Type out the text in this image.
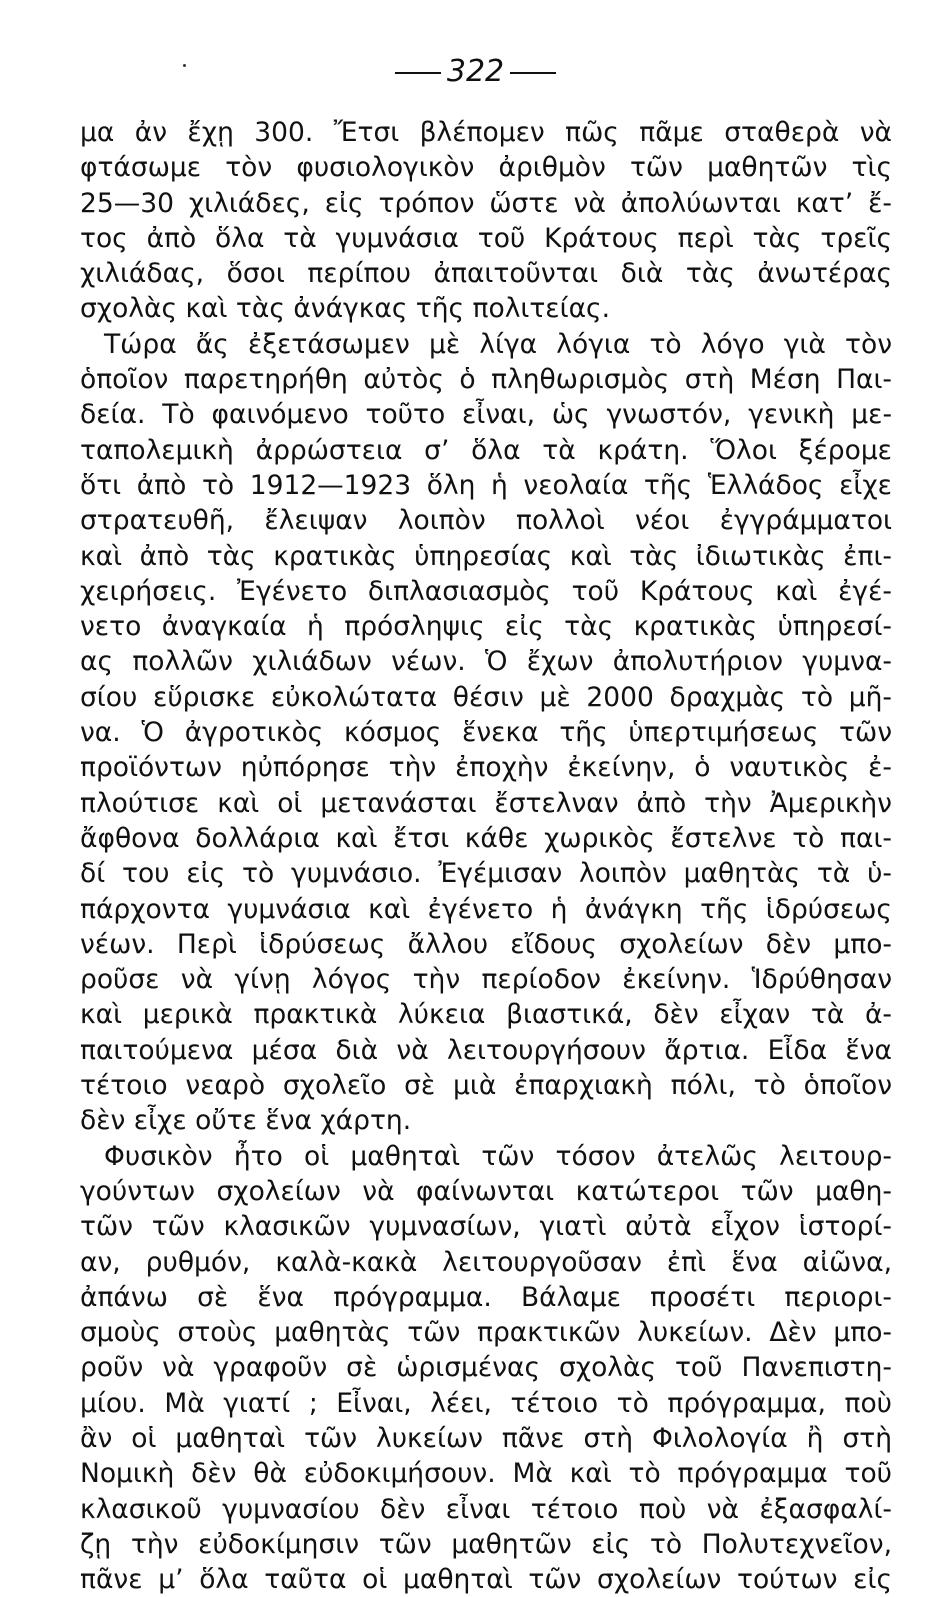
322
μα ἀν ἔχῃ 300. Ἔτσι βλέπομεν πῶς πᾶμε σταθερὰ νὰ
φτάσωμε τὸν φυσιολογικὸν ἀριθμὸν τῶν μαθητῶν τὶς
25—30 χιλιάδες, εἰς τρόπον ὥστε νὰ ἀπολύωνται κατ’ ἔ-
τος ἀπὸ ὅλα τὰ γυμνάσια τοῦ Κράτους περὶ τὰς τρεῖς
χιλιάδας, ὅσοι περίπου ἀπαιτοῦνται διὰ τὰς ἀνωτέρας
σχολὰς καὶ τὰς ἀνάγκας τῆς πολιτείας.
Τώρα ἄς ἐξετάσωμεν μὲ λίγα λόγια τὸ λόγο γιὰ τὸν
ὁποῖον παρετηρήθη αὐτὸς ὁ πληθωρισμὸς στὴ Μέση Παι-
δεία. Τὸ φαινόμενο τοῦτο εἶναι, ὡς γνωστόν, γενικὴ με-
ταπολεμικὴ ἀρρώστεια σ’ ὅλα τὰ κράτη. Ὅλοι ξέρομε
ὅτι ἀπὸ τὸ 1912—1923 ὅλη ἡ νεολαία τῆς Ἑλλάδος εἶχε
στρατευθῆ, ἔλειψαν λοιπὸν πολλοὶ νέοι ἐγγράμματοι
καὶ ἀπὸ τὰς κρατικὰς ὑπηρεσίας καὶ τὰς ἰδιωτικὰς ἐπι-
χειρήσεις. Ἐγένετο διπλασιασμὸς τοῦ Κράτους καὶ ἐγέ-
νετο ἀναγκαία ἡ πρόσληψις εἰς τὰς κρατικὰς ὑπηρεσί-
ας πολλῶν χιλιάδων νέων. Ὁ ἔχων ἀπολυτήριον γυμνα-
σίου εὕρισκε εὐκολώτατα θέσιν μὲ 2000 δραχμὰς τὸ μῆ-
να. Ὁ ἀγροτικὸς κόσμος ἕνεκα τῆς ὑπερτιμήσεως τῶν
προϊόντων ηὐπόρησε τὴν ἐποχὴν ἐκείνην, ὁ ναυτικὸς ἐ-
πλούτισε καὶ οἱ μετανάσται ἔστελναν ἀπὸ τὴν Ἀμερικὴν
ἄφθονα δολλάρια καὶ ἔτσι κάθε χωρικὸς ἔστελνε τὸ παι-
δί του εἰς τὸ γυμνάσιο. Ἐγέμισαν λοιπὸν μαθητὰς τὰ ὑ-
πάρχοντα γυμνάσια καὶ ἐγένετο ἡ ἀνάγκη τῆς ἱδρύσεως
νέων. Περὶ ἱδρύσεως ἄλλου εἴδους σχολείων δὲν μπο-
ροῦσε νὰ γίνῃ λόγος τὴν περίοδον ἐκείνην. Ἱδρύθησαν
καὶ μερικὰ πρακτικὰ λύκεια βιαστικά, δὲν εἶχαν τὰ ἀ-
παιτούμενα μέσα διὰ νὰ λειτουργήσουν ἄρτια. Εἶδα ἕνα
τέτοιο νεαρὸ σχολεῖο σὲ μιὰ ἐπαρχιακὴ πόλι, τὸ ὁποῖον
δὲν εἶχε οὔτε ἕνα χάρτη.
Φυσικὸν ἦτο οἱ μαθηταὶ τῶν τόσον ἀτελῶς λειτουρ-
γούντων σχολείων νὰ φαίνωνται κατώτεροι τῶν μαθη-
τῶν τῶν κλασικῶν γυμνασίων, γιατὶ αὐτὰ εἶχον ἱστορί-
αν, ρυθμόν, καλὰ-κακὰ λειτουργοῦσαν ἐπὶ ἕνα αἰῶνα,
ἀπάνω σὲ ἕνα πρόγραμμα. Βάλαμε προσέτι περιορι-
σμοὺς στοὺς μαθητὰς τῶν πρακτικῶν λυκείων. Δὲν μπο-
ροῦν νὰ γραφοῦν σὲ ὡρισμένας σχολὰς τοῦ Πανεπιστη-
μίου. Μὰ γιατί ; Εἶναι, λέει, τέτοιο τὸ πρόγραμμα, ποὺ
ἂν οἱ μαθηταὶ τῶν λυκείων πᾶνε στὴ Φιλολογία ἢ στὴ
Νομικὴ δὲν θὰ εὐδοκιμήσουν. Μὰ καὶ τὸ πρόγραμμα τοῦ
κλασικοῦ γυμνασίου δὲν εἶναι τέτοιο ποὺ νὰ ἐξασφαλί-
ζῃ τὴν εὐδοκίμησιν τῶν μαθητῶν εἰς τὸ Πολυτεχνεῖον,
πᾶνε μ’ ὅλα ταῦτα οἱ μαθηταὶ τῶν σχολείων τούτων εἰς
